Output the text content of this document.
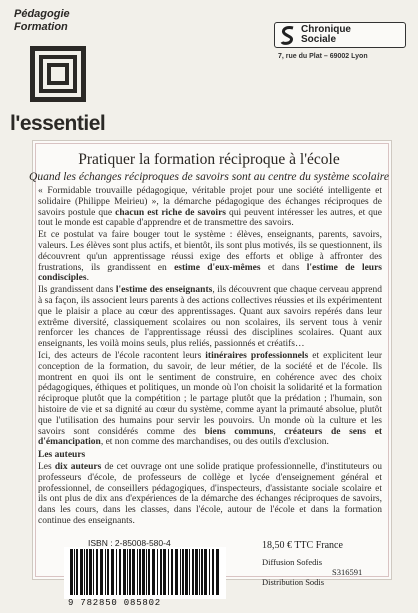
Pédagogie
Formation
l'essentiel
Chronique
Sociale
7, rue du Plat – 69002 Lyon
Pratiquer la formation réciproque à l'école
Quand les échanges réciproques de savoirs sont au centre du système scolaire

« Formidable trouvaille pédagogique, véritable projet pour une société intelligente et solidaire (Philippe Meirieu) », la démarche pédagogique des échanges réciproques de savoirs postule que chacun est riche de savoirs qui peuvent intéresser les autres, et que tout le monde est capable d'apprendre et de transmettre des savoirs.

Et ce postulat va faire bouger tout le système : élèves, enseignants, parents, savoirs, valeurs. Les élèves sont plus actifs, et bientôt, ils sont plus motivés, ils se questionnent, ils découvrent qu'un apprentissage réussi exige des efforts et oblige à affronter des frustrations, ils grandissent en estime d'eux-mêmes et dans l'estime de leurs condisciples.

Ils grandissent dans l'estime des enseignants, ils découvrent que chaque cerveau apprend à sa façon, ils associent leurs parents à des actions collectives réussies et ils expérimentent que le plaisir a place au cœur des apprentissages. Quant aux savoirs repérés dans leur extrême diversité, classiquement scolaires ou non scolaires, ils servent tous à venir renforcer les chances de l'apprentissage réussi des disciplines scolaires. Quant aux enseignants, les voilà moins seuls, plus reliés, passionnés et créatifs…

Ici, des acteurs de l'école racontent leurs itinéraires professionnels et explicitent leur conception de la formation, du savoir, de leur métier, de la société et de l'école. Ils montrent en quoi ils ont le sentiment de construire, en cohérence avec des choix pédagogiques, éthiques et politiques, un monde où l'on choisit la solidarité et la formation réciproque plutôt que la compétition ; le partage plutôt que la prédation ; l'humain, son histoire de vie et sa dignité au cœur du système, comme ayant la primauté absolue, plutôt que l'utilisation des humains pour servir les pouvoirs. Un monde où la culture et les savoirs sont considérés comme des biens communs, créateurs de sens et d'émancipation, et non comme des marchandises, ou des outils d'exclusion.

Les auteurs

Les dix auteurs de cet ouvrage ont une solide pratique professionnelle, d'instituteurs ou professeurs d'école, de professeurs de collège et lycée d'enseignement général et professionnel, de conseillers pédagogiques, d'inspecteurs, d'assistante sociale scolaire et ils ont plus de dix ans d'expériences de la démarche des échanges réciproques de savoirs, dans les cours, dans les classes, dans l'école, autour de l'école et dans la formation continue des enseignants.

ISBN : 2-85008-580-4
9 782850 085802
18,50 € TTC France
Diffusion Sofedis
S316591
Distribution Sodis
